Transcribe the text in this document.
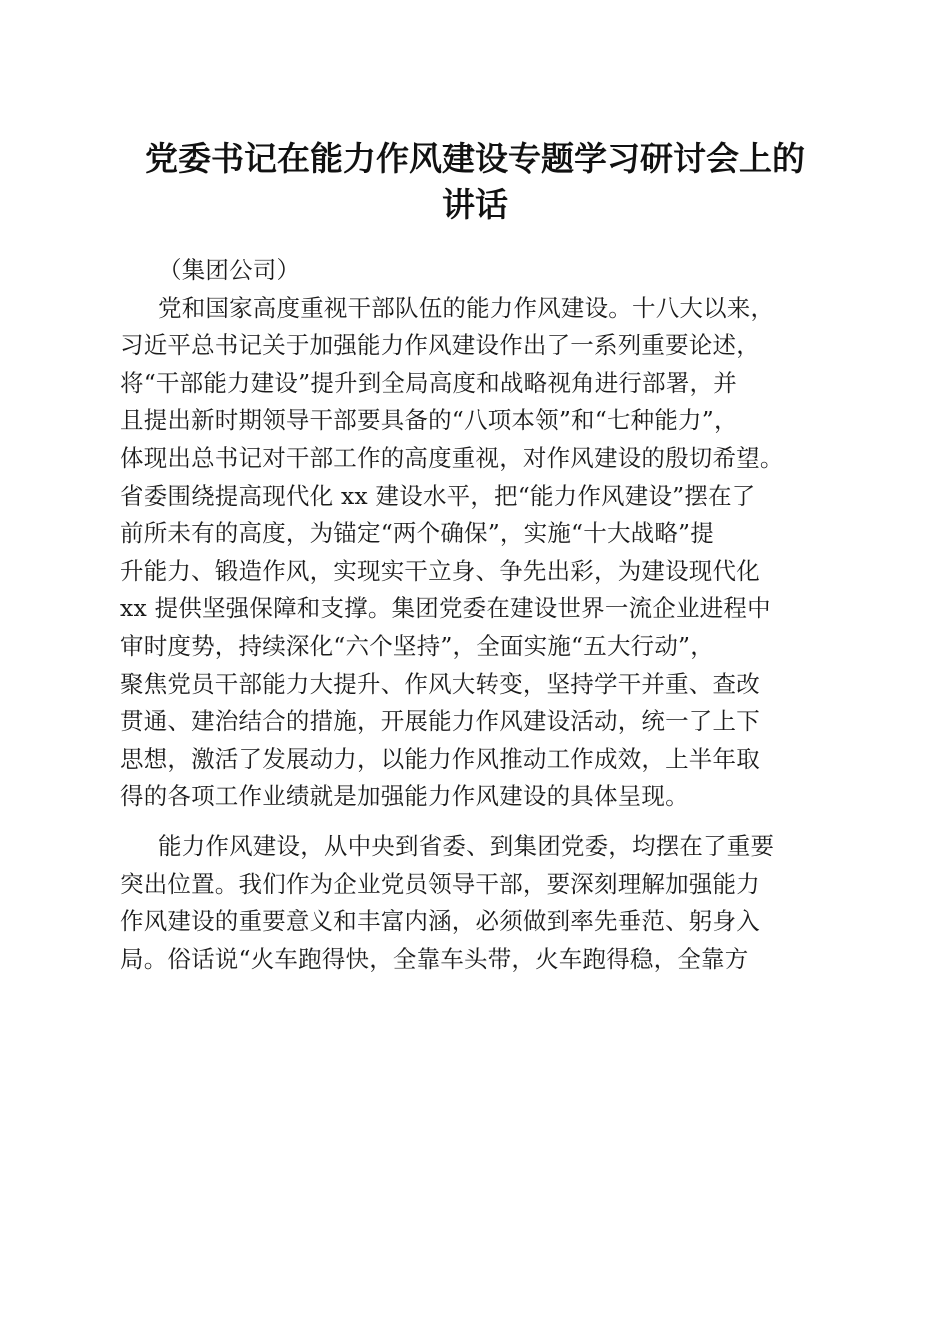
党委书记在能力作风建设专题学习研讨会上的
讲话
（集团公司）
党和国家高度重视干部队伍的能力作风建设。十八大以来，
习近平总书记关于加强能力作风建设作出了一系列重要论述，
将“干部能力建设”提升到全局高度和战略视角进行部署，并
且提出新时期领导干部要具备的“八项本领”和“七种能力”，
体现出总书记对干部工作的高度重视，对作风建设的殷切希望。
省委围绕提高现代化 xx 建设水平，把“能力作风建设”摆在了
前所未有的高度，为锚定“两个确保”，实施“十大战略”提
升能力、锻造作风，实现实干立身、争先出彩，为建设现代化
xx 提供坚强保障和支撑。集团党委在建设世界一流企业进程中
审时度势，持续深化“六个坚持”，全面实施“五大行动”，
聚焦党员干部能力大提升、作风大转变，坚持学干并重、查改
贯通、建治结合的措施，开展能力作风建设活动，统一了上下
思想，激活了发展动力，以能力作风推动工作成效，上半年取
得的各项工作业绩就是加强能力作风建设的具体呈现。
能力作风建设，从中央到省委、到集团党委，均摆在了重要
突出位置。我们作为企业党员领导干部，要深刻理解加强能力
作风建设的重要意义和丰富内涵，必须做到率先垂范、躬身入
局。俗话说“火车跑得快，全靠车头带，火车跑得稳，全靠方
